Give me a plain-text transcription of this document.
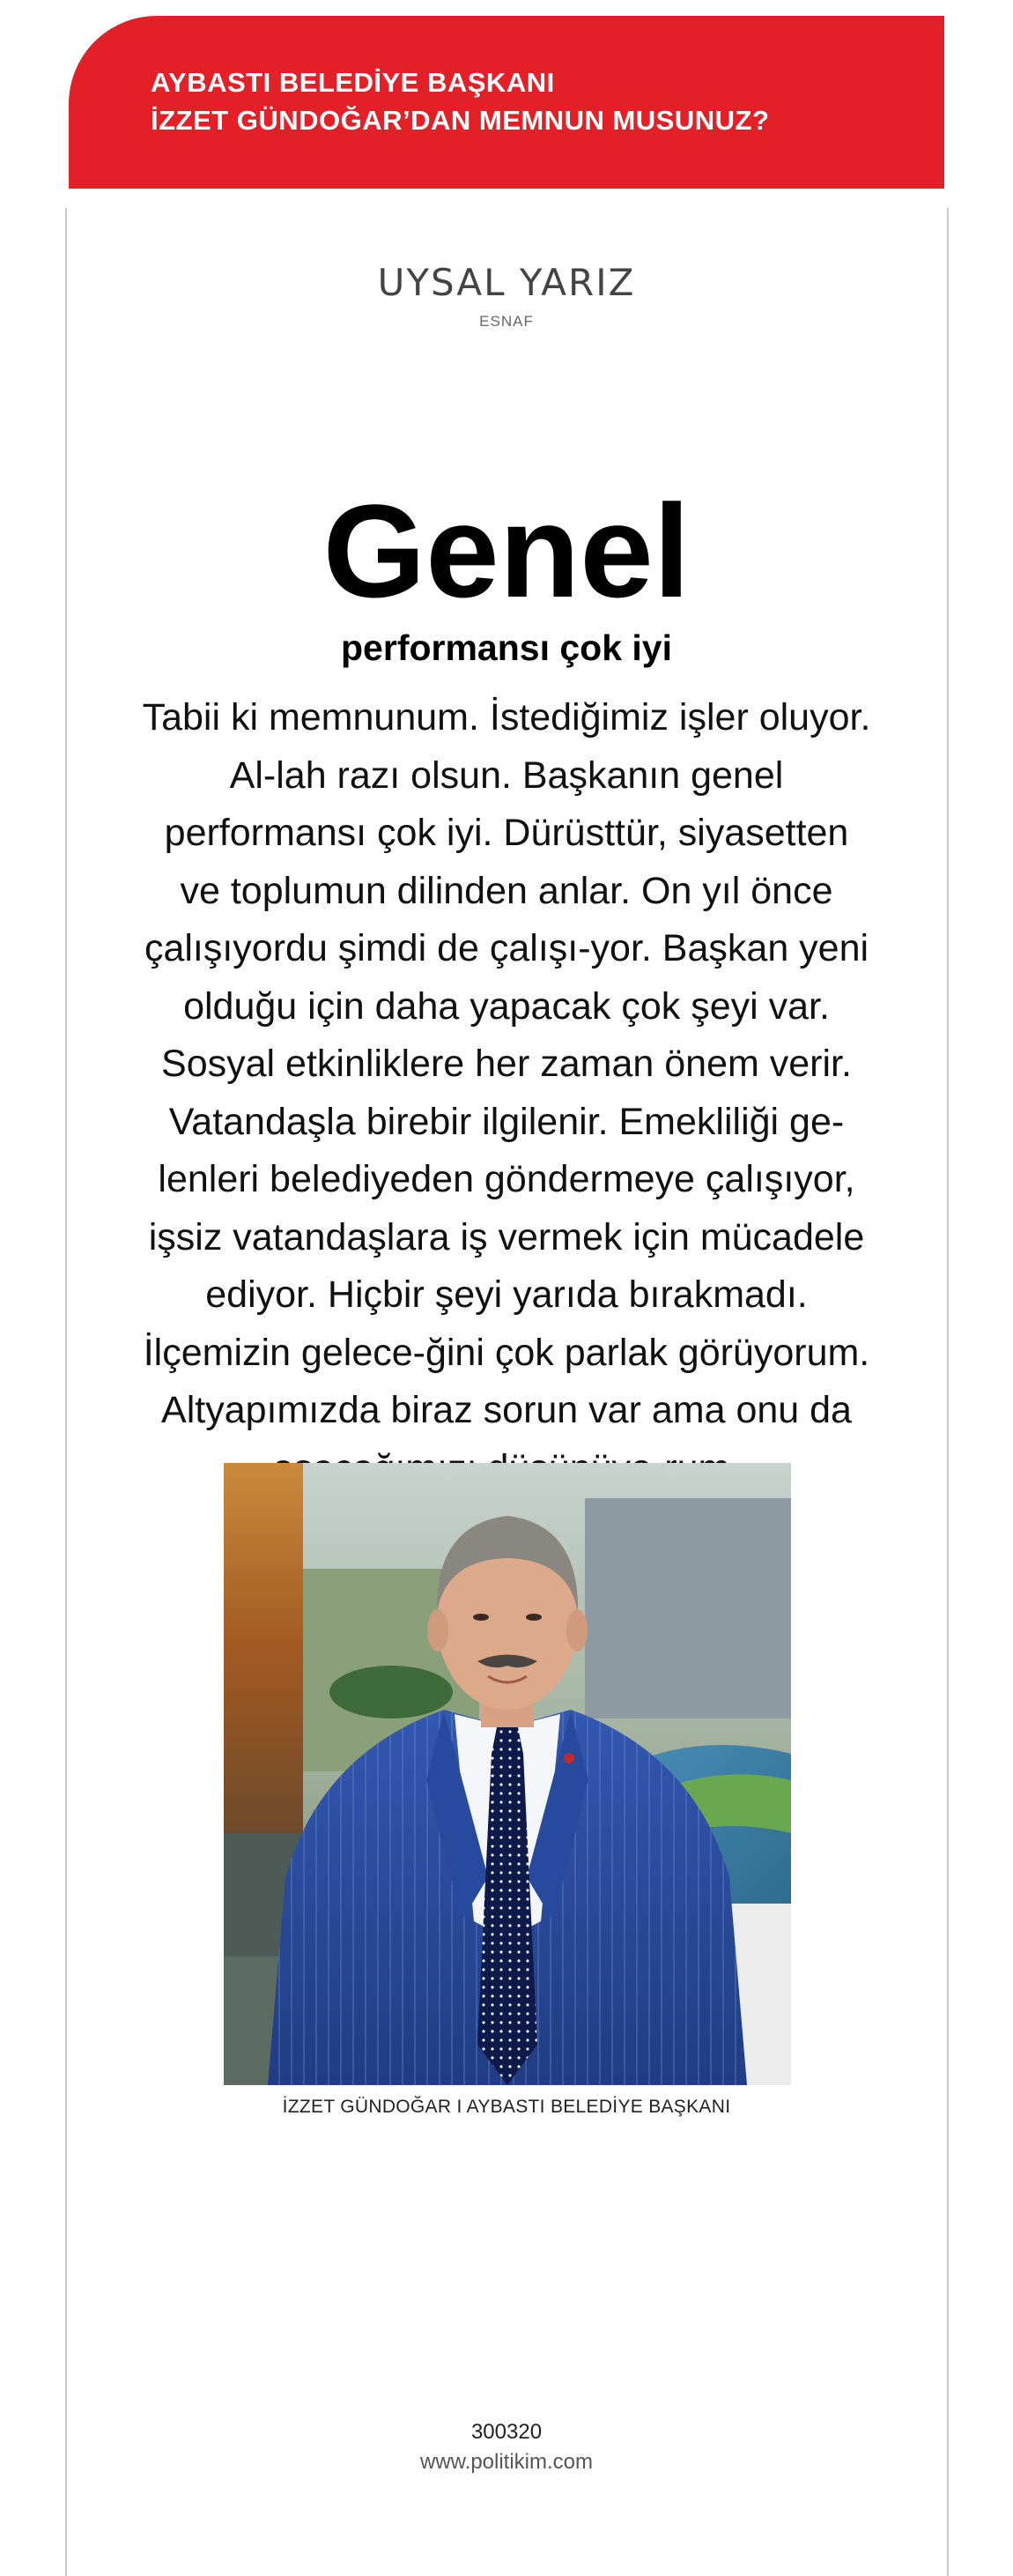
AYBASTI BELEDİYE BAŞKANI
İZZET GÜNDOĞAR’DAN MEMNUN MUSUNUZ?
UYSAL YARIZ
ESNAF
Genel
performansı çok iyi
Tabii ki memnunum. İstediğimiz işler oluyor. Al-lah razı olsun. Başkanın genel performansı çok iyi. Dürüsttür, siyasetten ve toplumun dilinden anlar. On yıl önce çalışıyordu şimdi de çalışı-yor. Başkan yeni olduğu için daha yapacak çok şeyi var. Sosyal etkinliklere her zaman önem verir. Vatandaşla birebir ilgilenir. Emekliliği ge-lenleri belediyeden göndermeye çalışıyor, işsiz vatandaşlara iş vermek için mücadele ediyor. Hiçbir şeyi yarıda bırakmadı. İlçemizin gelece-ğini çok parlak görüyorum. Altyapımızda biraz sorun var ama onu da
İZZET GÜNDOĞAR I AYBASTI BELEDİYE BAŞKANI
300320
www.politikim.com
